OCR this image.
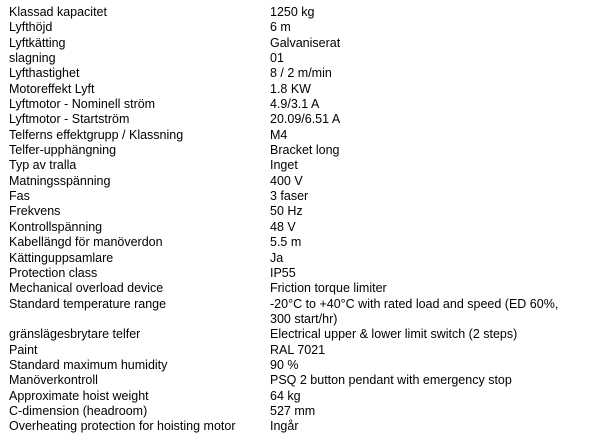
Klassad kapacitet	1250 kg
Lyfthöjd	6 m
Lyftkätting	Galvaniserat
slagning	01
Lyfthastighet	8 / 2 m/min
Motoreffekt Lyft	1.8 KW
Lyftmotor - Nominell ström	4.9/3.1 A
Lyftmotor - Startström	20.09/6.51 A
Telferns effektgrupp / Klassning	M4
Telfer-upphängning	Bracket long
Typ av tralla	Inget
Matningsspänning	400 V
Fas	3 faser
Frekvens	50 Hz
Kontrollspänning	48 V
Kabellängd för manöverdon	5.5 m
Kättinguppsamlare	Ja
Protection class	IP55
Mechanical overload device	Friction torque limiter
Standard temperature range	-20°C to +40°C with rated load and speed (ED 60%,
300 start/hr)
gränslägesbrytare telfer	Electrical upper & lower limit switch (2 steps)
Paint	RAL 7021
Standard maximum humidity	90 %
Manöverkontroll	PSQ 2 button pendant with emergency stop
Approximate hoist weight	64 kg
C-dimension (headroom)	527 mm
Overheating protection for hoisting motor	Ingår
